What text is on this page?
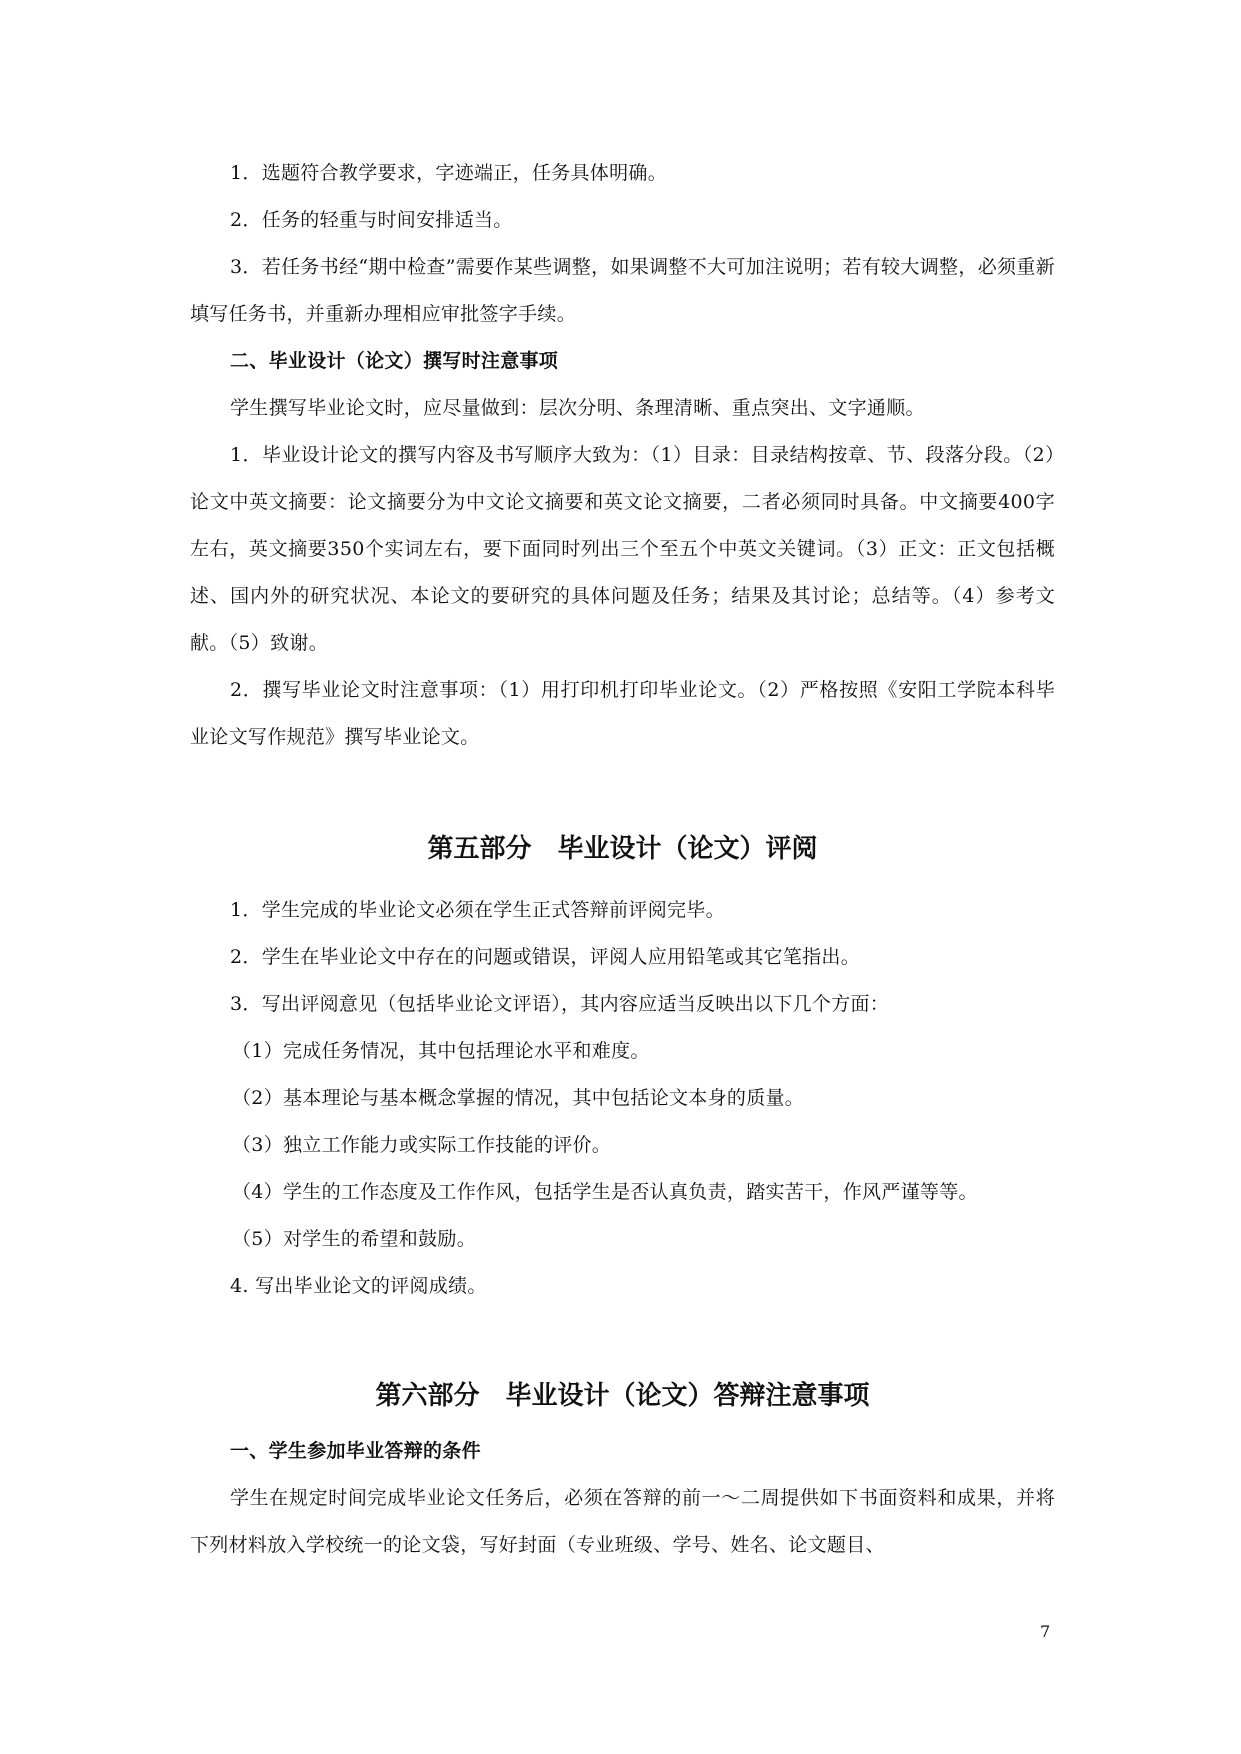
1．选题符合教学要求，字迹端正，任务具体明确。

2．任务的轻重与时间安排适当。

3．若任务书经“期中检查”需要作某些调整，如果调整不大可加注说明；若有较大调整，必须重新填写任务书，并重新办理相应审批签字手续。

二、毕业设计（论文）撰写时注意事项

学生撰写毕业论文时，应尽量做到：层次分明、条理清晰、重点突出、文字通顺。

1．毕业设计论文的撰写内容及书写顺序大致为：（1）目录：目录结构按章、节、段落分段。（2）论文中英文摘要：论文摘要分为中文论文摘要和英文论文摘要，二者必须同时具备。中文摘要400字左右，英文摘要350个实词左右，要下面同时列出三个至五个中英文关键词。（3）正文：正文包括概述、国内外的研究状况、本论文的要研究的具体问题及任务；结果及其讨论；总结等。（4）参考文献。（5）致谢。

2．撰写毕业论文时注意事项：（1）用打印机打印毕业论文。（2）严格按照《安阳工学院本科毕业论文写作规范》撰写毕业论文。

第五部分　毕业设计（论文）评阅

1．学生完成的毕业论文必须在学生正式答辩前评阅完毕。

2．学生在毕业论文中存在的问题或错误，评阅人应用铅笔或其它笔指出。

3．写出评阅意见（包括毕业论文评语），其内容应适当反映出以下几个方面：

（1）完成任务情况，其中包括理论水平和难度。

（2）基本理论与基本概念掌握的情况，其中包括论文本身的质量。

（3）独立工作能力或实际工作技能的评价。

（4）学生的工作态度及工作作风，包括学生是否认真负责，踏实苦干，作风严谨等等。

（5）对学生的希望和鼓励。

4. 写出毕业论文的评阅成绩。

第六部分　毕业设计（论文）答辩注意事项

一、学生参加毕业答辩的条件

学生在规定时间完成毕业论文任务后，必须在答辩的前一～二周提供如下书面资料和成果，并将下列材料放入学校统一的论文袋，写好封面（专业班级、学号、姓名、论文题目、

7
